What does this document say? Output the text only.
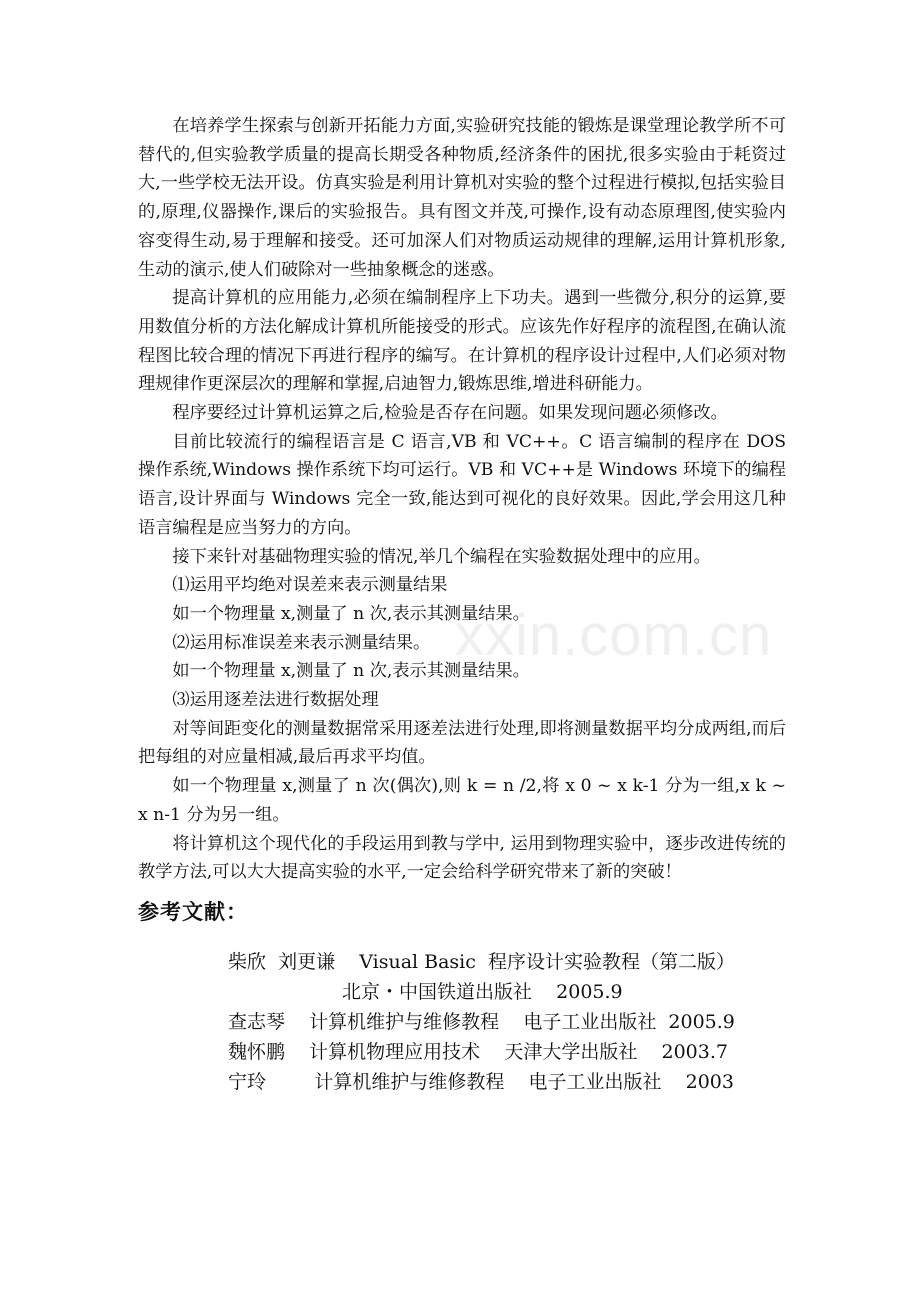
在培养学生探索与创新开拓能力方面,实验研究技能的锻炼是课堂理论教学所不可替代的,但实验教学质量的提高长期受各种物质,经济条件的困扰,很多实验由于耗资过大,一些学校无法开设。仿真实验是利用计算机对实验的整个过程进行模拟,包括实验目的,原理,仪器操作,课后的实验报告。具有图文并茂,可操作,设有动态原理图,使实验内容变得生动,易于理解和接受。还可加深人们对物质运动规律的理解,运用计算机形象,生动的演示,使人们破除对一些抽象概念的迷惑。

提高计算机的应用能力,必须在编制程序上下功夫。遇到一些微分,积分的运算,要用数值分析的方法化解成计算机所能接受的形式。应该先作好程序的流程图,在确认流程图比较合理的情况下再进行程序的编写。在计算机的程序设计过程中,人们必须对物理规律作更深层次的理解和掌握,启迪智力,锻炼思维,增进科研能力。

程序要经过计算机运算之后,检验是否存在问题。如果发现问题必须修改。

目前比较流行的编程语言是 C 语言,VB 和 VC++。C 语言编制的程序在 DOS 操作系统,Windows 操作系统下均可运行。VB 和 VC++是 Windows 环境下的编程语言,设计界面与 Windows 完全一致,能达到可视化的良好效果。因此,学会用这几种语言编程是应当努力的方向。

接下来针对基础物理实验的情况,举几个编程在实验数据处理中的应用。

⑴运用平均绝对误差来表示测量结果

如一个物理量 x,测量了 n 次,表示其测量结果。

⑵运用标准误差来表示测量结果。

如一个物理量 x,测量了 n 次,表示其测量结果。

⑶运用逐差法进行数据处理

对等间距变化的测量数据常采用逐差法进行处理,即将测量数据平均分成两组,而后把每组的对应量相减,最后再求平均值。

如一个物理量 x,测量了 n 次(偶次),则 k = n /2,将 x 0 ~ x k-1 分为一组,x k ~ x n-1 分为另一组。

将计算机这个现代化的手段运用到教与学中, 运用到物理实验中，逐步改进传统的教学方法,可以大大提高实验的水平,一定会给科学研究带来了新的突破！

参考文献：

柴欣  刘更谦    Visual Basic  程序设计实验教程（第二版）

北京・中国铁道出版社    2005.9

查志琴    计算机维护与维修教程    电子工业出版社  2005.9

魏怀鹏    计算机物理应用技术    天津大学出版社    2003.7

宁玲        计算机维护与维修教程    电子工业出版社    2003

xxin.com.cn
